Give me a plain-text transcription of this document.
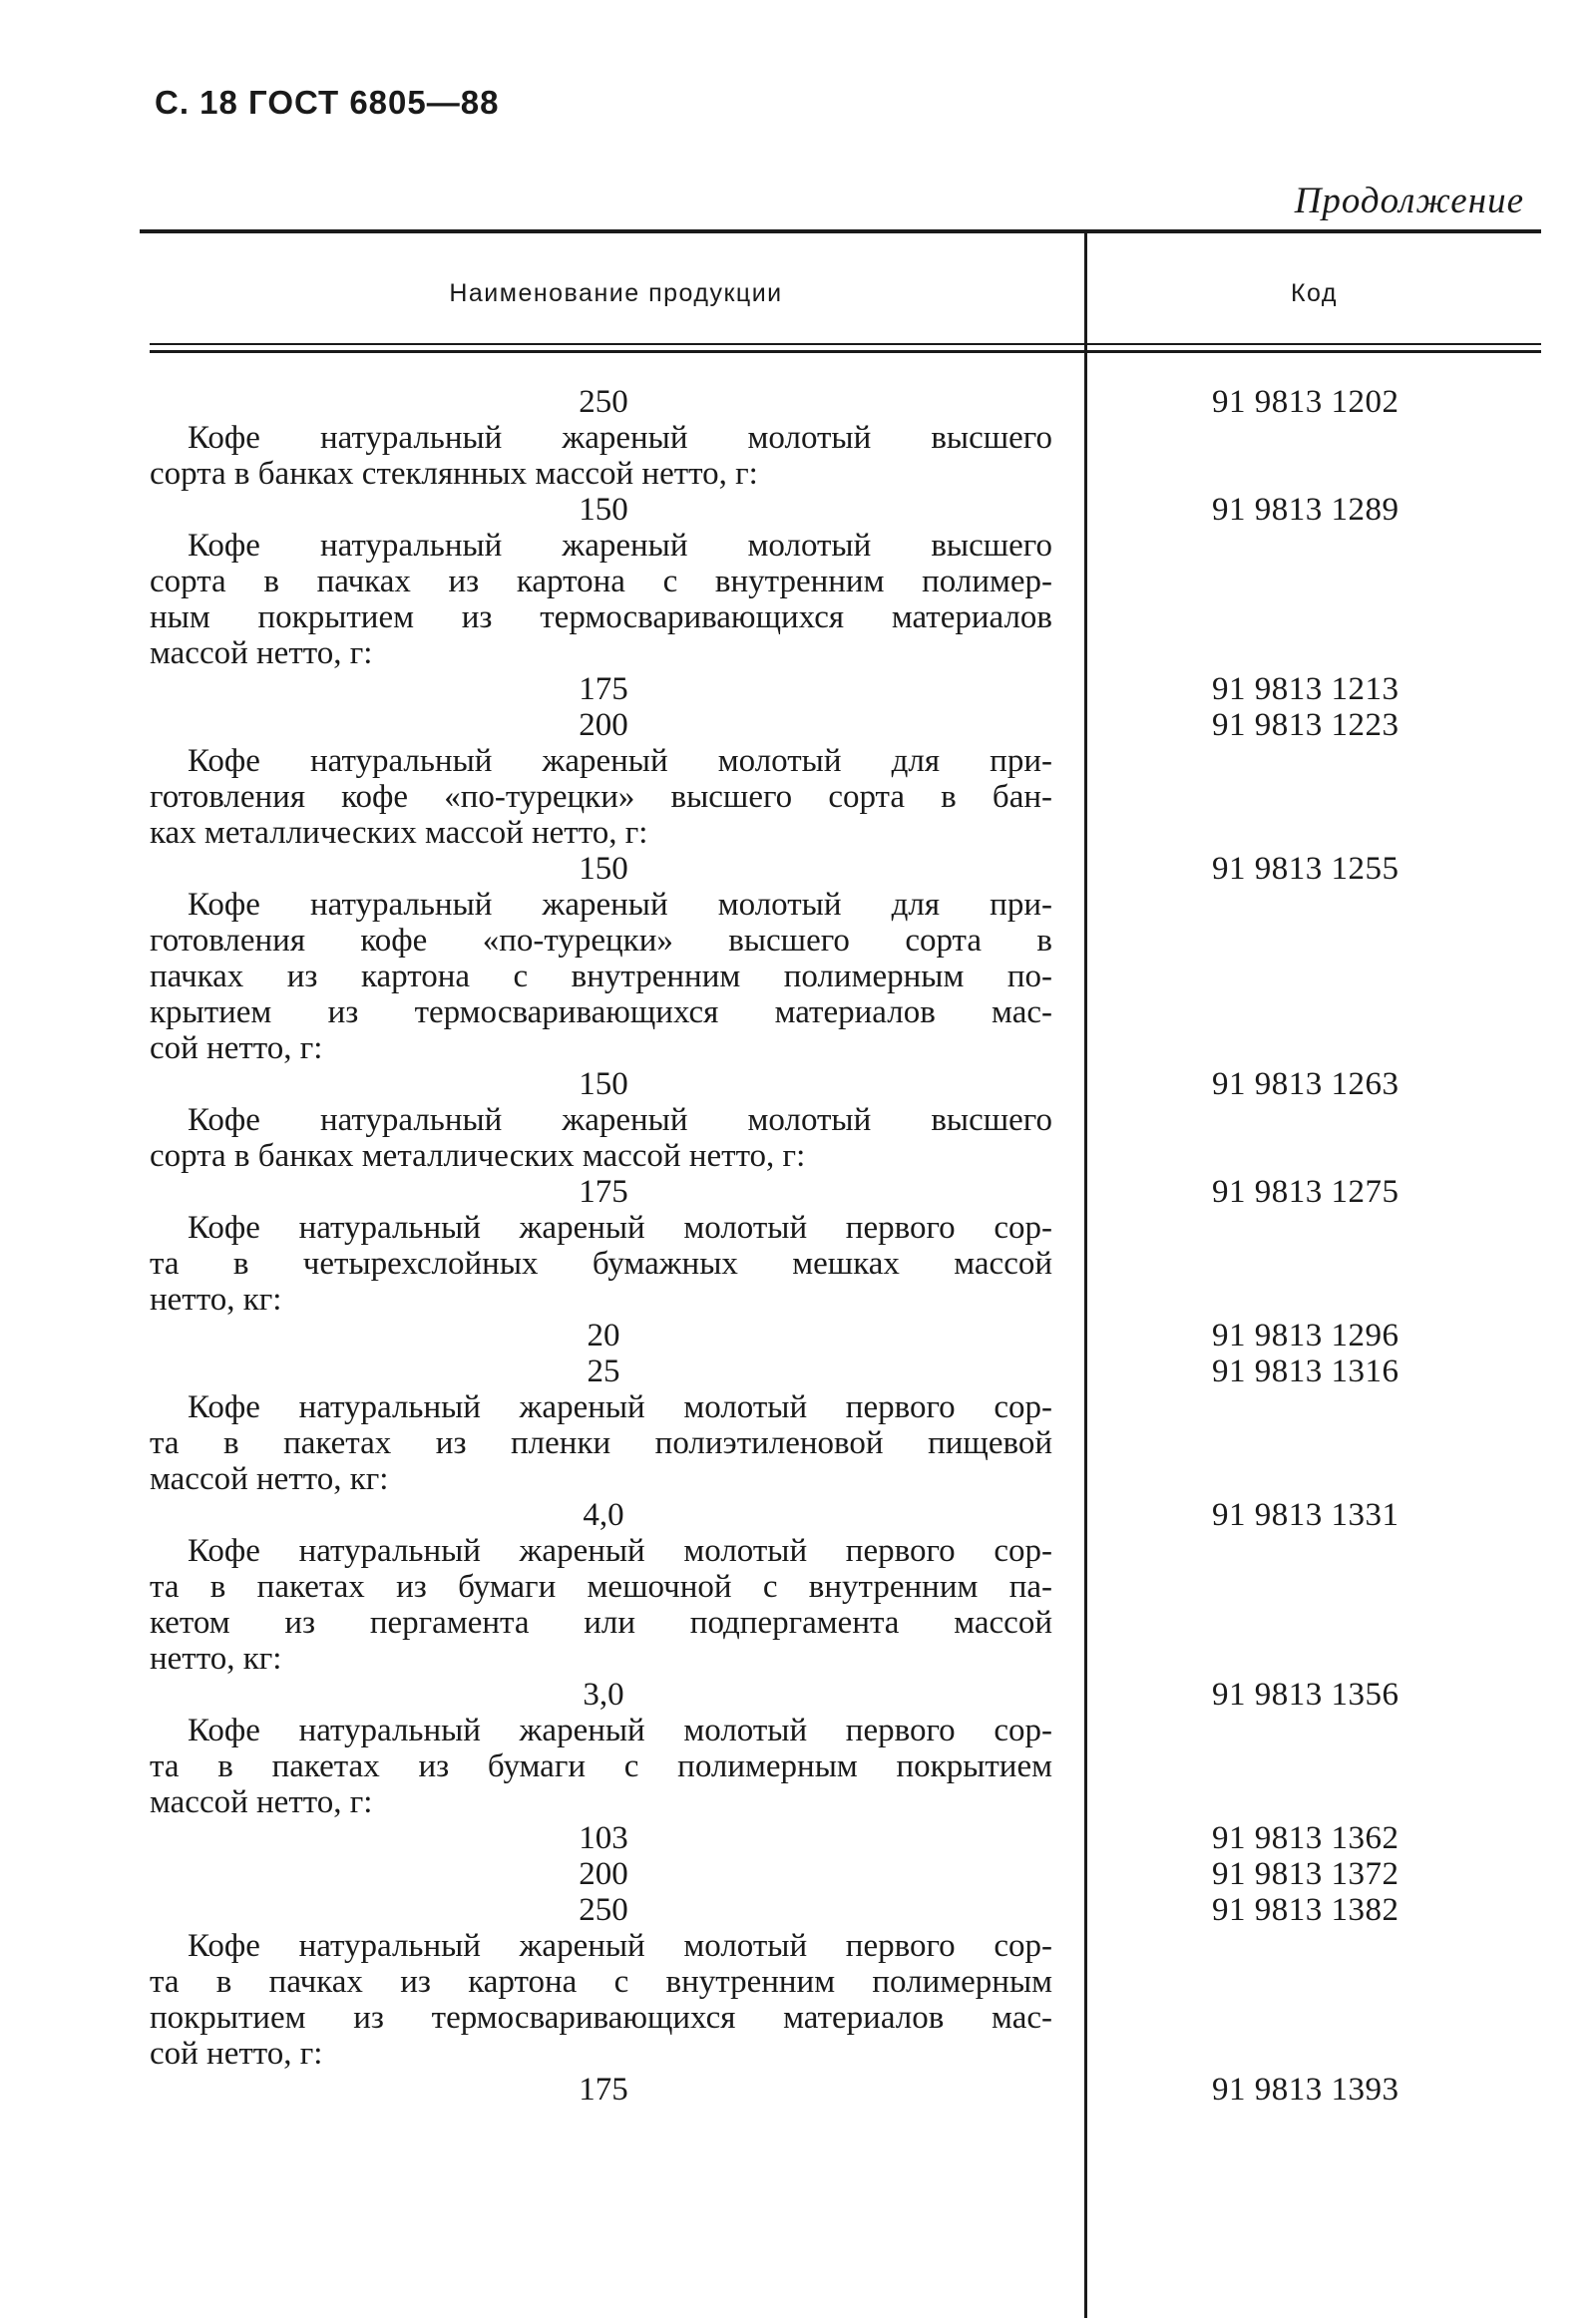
С. 18 ГОСТ 6805—88
Продолжение
Наименование продукции	Код
250	91 9813 1202
Кофе натуральный жареный молотый высшего
сорта в банках стеклянных массой нетто, г:
150	91 9813 1289
Кофе натуральный жареный молотый высшего
сорта в пачках из картона с внутренним полимер-
ным покрытием из термосваривающихся материалов
массой нетто, г:
175	91 9813 1213
200	91 9813 1223
Кофе натуральный жареный молотый для при-
готовления кофе «по-турецки» высшего сорта в бан-
ках металлических массой нетто, г:
150	91 9813 1255
Кофе натуральный жареный молотый для при-
готовления кофе «по-турецки» высшего сорта в
пачках из картона с внутренним полимерным по-
крытием из термосваривающихся материалов мас-
сой нетто, г:
150	91 9813 1263
Кофе натуральный жареный молотый высшего
сорта в банках металлических массой нетто, г:
175	91 9813 1275
Кофе натуральный жареный молотый первого сор-
та в четырехслойных бумажных мешках массой
нетто, кг:
20	91 9813 1296
25	91 9813 1316
Кофе натуральный жареный молотый первого сор-
та в пакетах из пленки полиэтиленовой пищевой
массой нетто, кг:
4,0	91 9813 1331
Кофе натуральный жареный молотый первого сор-
та в пакетах из бумаги мешочной с внутренним па-
кетом из пергамента или подпергамента массой
нетто, кг:
3,0	91 9813 1356
Кофе натуральный жареный молотый первого сор-
та в пакетах из бумаги с полимерным покрытием
массой нетто, г:
103	91 9813 1362
200	91 9813 1372
250	91 9813 1382
Кофе натуральный жареный молотый первого сор-
та в пачках из картона с внутренним полимерным
покрытием из термосваривающихся материалов мас-
сой нетто, г:
175	91 9813 1393
